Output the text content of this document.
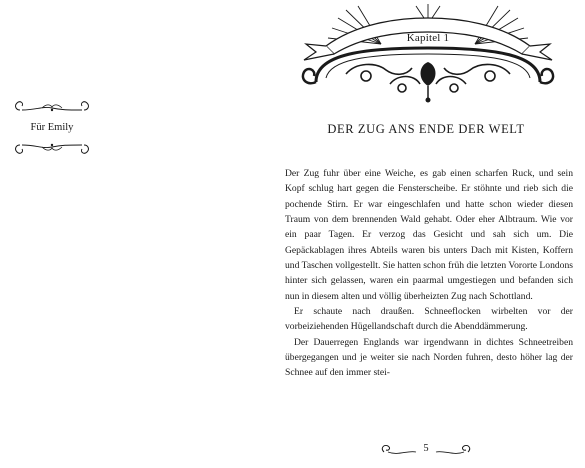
Für Emily
Kapitel 1
DER ZUG ANS ENDE DER WELT

Der Zug fuhr über eine Weiche, es gab einen scharfen Ruck, und sein Kopf schlug hart gegen die Fensterscheibe. Er stöhnte und rieb sich die pochende Stirn. Er war eingeschlafen und hatte schon wieder diesen Traum von dem brennenden Wald gehabt. Oder eher Albtraum. Wie vor ein paar Tagen. Er verzog das Gesicht und sah sich um. Die Gepäckablagen ihres Abteils waren bis unters Dach mit Kisten, Koffern und Taschen vollgestellt. Sie hatten schon früh die letzten Vororte Londons hinter sich gelassen, waren ein paarmal umgestiegen und befanden sich nun in diesem alten und völlig überheizten Zug nach Schottland.

Er schaute nach draußen. Schneeflocken wirbelten vor der vorbeiziehenden Hügellandschaft durch die Abenddämmerung.

Der Dauerregen Englands war irgendwann in dichtes Schneetreiben übergegangen und je weiter sie nach Norden fuhren, desto höher lag der Schnee auf den immer stei-

5
